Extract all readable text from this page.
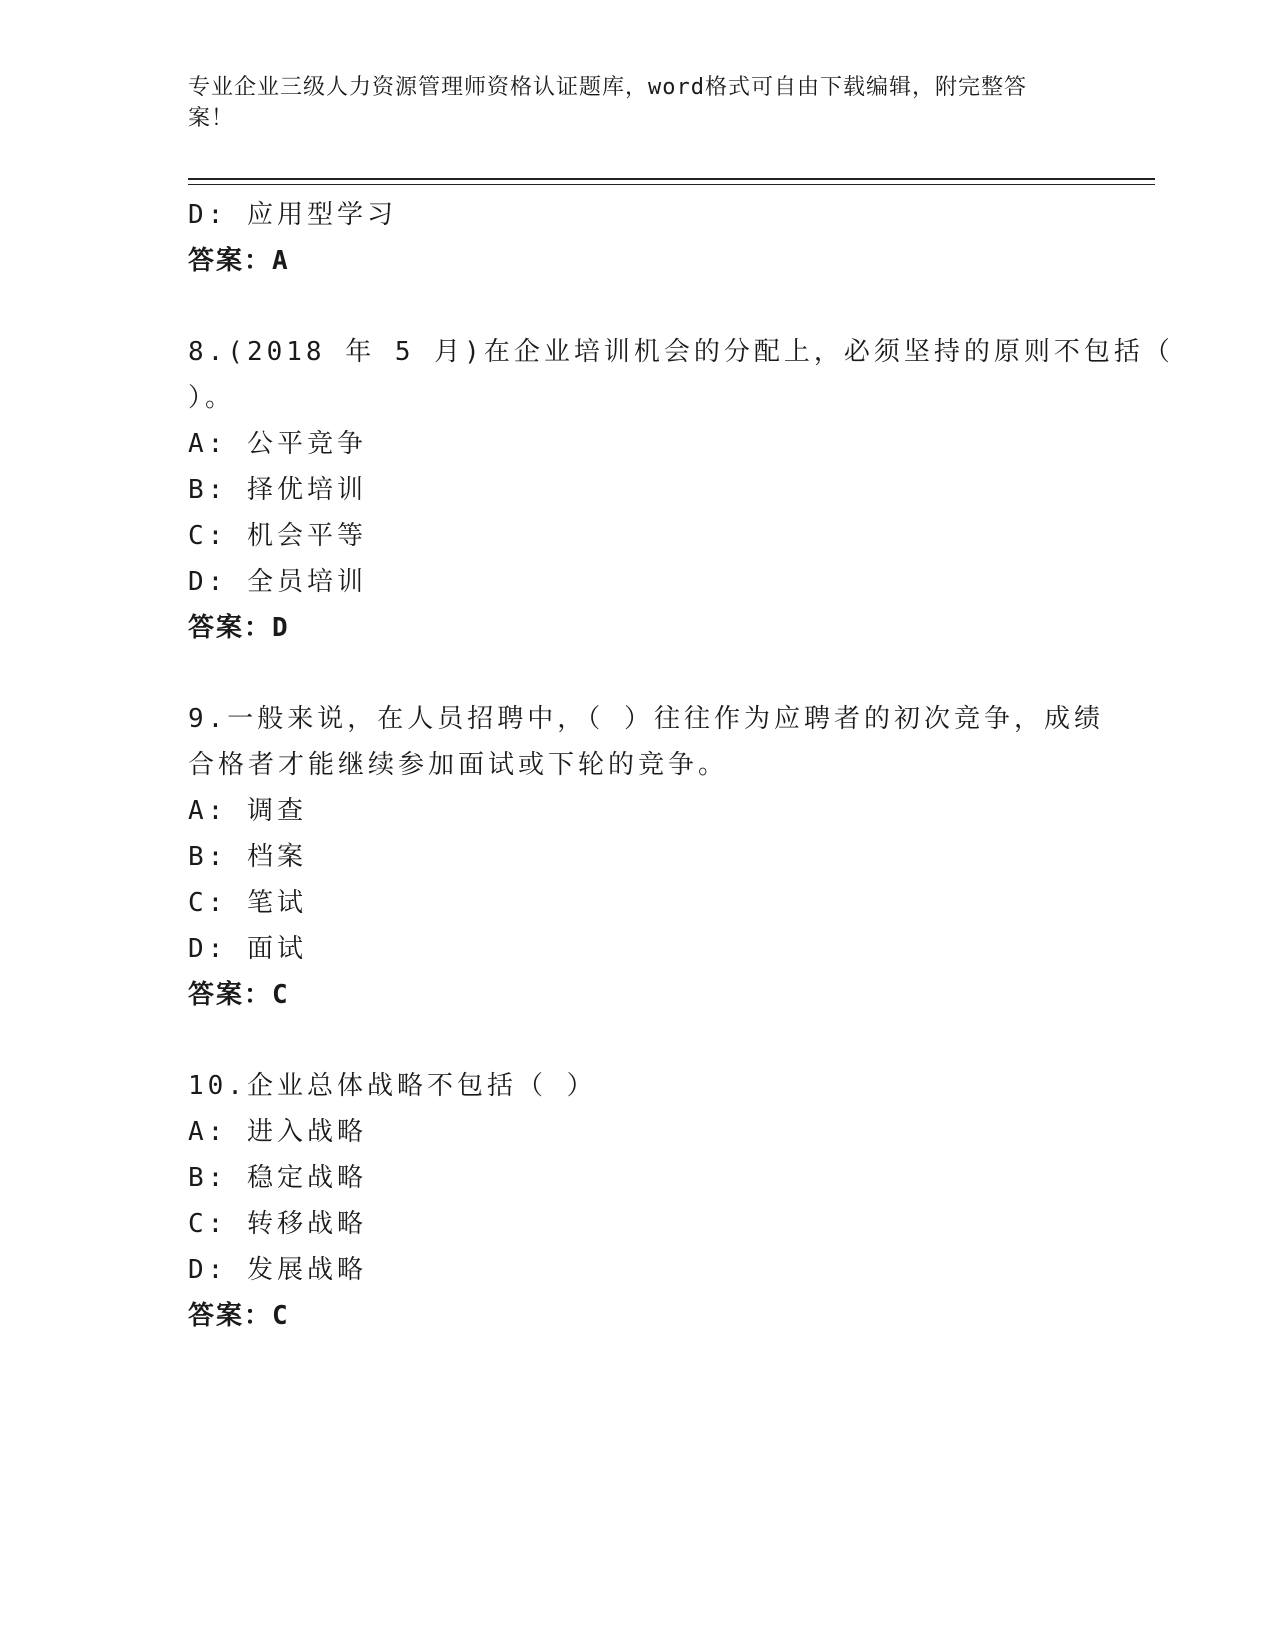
专业企业三级人力资源管理师资格认证题库，word格式可自由下载编辑，附完整答案！
D: 应用型学习
答案：A
8.(2018 年 5 月)在企业培训机会的分配上，必须坚持的原则不包括（
）。
A: 公平竞争
B: 择优培训
C: 机会平等
D: 全员培训
答案：D
9.一般来说，在人员招聘中，（ ）往往作为应聘者的初次竞争，成绩
合格者才能继续参加面试或下轮的竞争。
A: 调查
B: 档案
C: 笔试
D: 面试
答案：C
10.企业总体战略不包括（ ）
A: 进入战略
B: 稳定战略
C: 转移战略
D: 发展战略
答案：C
